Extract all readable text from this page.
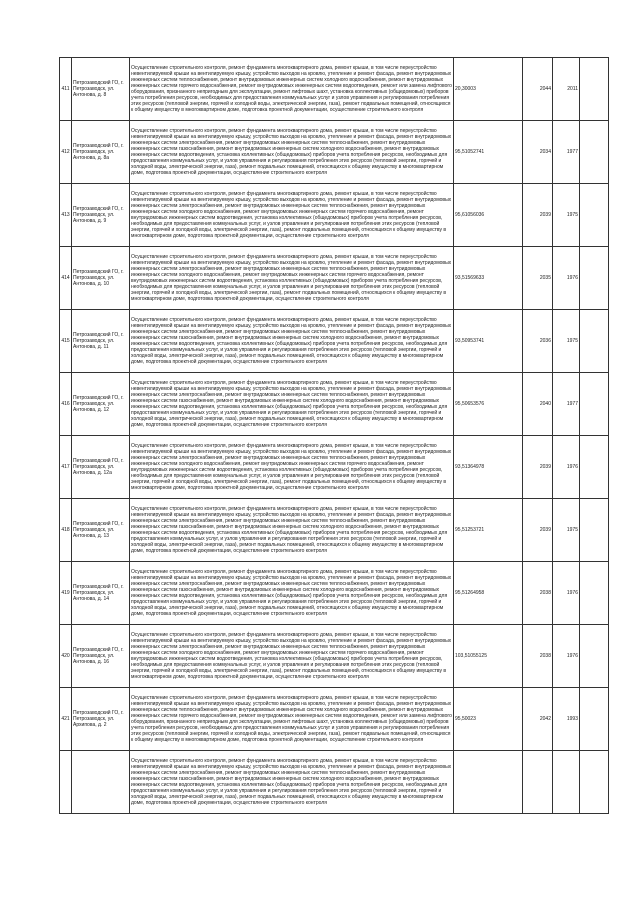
411	Петрозаводский ГО, г. Петрозаводск, ул. Антонова, д. 8	Осуществление строительного контроля, ремонт фундамента многоквартирного дома, ремонт крыши, в том числе переустройство невентилируемой крыши на вентилируемую крышу, устройство выходов на кровлю, утепление и ремонт фасада, ремонт внутридомовых инженерных систем теплоснабжения, ремонт внутридомовых инженерных систем холодного водоснабжения, ремонт внутридомовых инженерных систем горячего водоснабжения, ремонт внутридомовых инженерных систем водоотведения, ремонт или замена лифтового оборудования, признанного непригодным для эксплуатации, ремонт лифтовых шахт, установка коллективных (общедомовых) приборов учета потребления ресурсов, необходимых для предоставления коммунальных услуг и узлов управления и регулирования потребления этих ресурсов (тепловой энергии, горячей и холодной воды, электрической энергии, газа), ремонт подвальных помещений, относящихся к общему имуществу в многоквартирном доме, подготовка проектной документации, осуществление строительного контроля	20,30003	2044	2011	
412	Петрозаводский ГО, г. Петрозаводск, ул. Антонова, д. 8а	Осуществление строительного контроля, ремонт фундамента многоквартирного дома, ремонт крыши, в том числе переустройство невентилируемой крыши на вентилируемую крышу, устройство выходов на кровлю, утепление и ремонт фасада, ремонт внутридомовых инженерных систем электроснабжения, ремонт внутридомовых инженерных систем теплоснабжения, ремонт внутридомовых инженерных систем газоснабжения, ремонт внутридомовых инженерных систем холодного водоснабжения, ремонт внутридомовых инженерных систем водоотведения, установка коллективных (общедомовых) приборов учета потребления ресурсов, необходимых для предоставления коммунальных услуг, и узлов управления и регулирования потребления этих ресурсов (тепловой энергии, горячей и холодной воды, электрической энергии, газа), ремонт подвальных помещений, относящихся к общему имуществу в многоквартирном доме, подготовка проектной документации, осуществление строительного контроля	95,51052741	2034	1977	
413	Петрозаводский ГО, г. Петрозаводск, ул. Антонова, д. 9	Осуществление строительного контроля, ремонт фундамента многоквартирного дома, ремонт крыши, в том числе переустройство невентилируемой крыши на вентилируемую крышу, устройство выходов на кровлю, утепление и ремонт фасада, ремонт внутридомовых инженерных систем электроснабжения, ремонт внутридомовых инженерных систем теплоснабжения, ремонт внутридомовых инженерных систем холодного водоснабжения, ремонт внутридомовых инженерных систем горячего водоснабжения, ремонт внутридомовых инженерных систем водоотведения, установка коллективных (общедомовых) приборов учета потребления ресурсов, необходимых для предоставления коммунальных услуг, и узлов управления и регулирования потребления этих ресурсов (тепловой энергии, горячей и холодной воды, электрической энергии, газа), ремонт подвальных помещений, относящихся к общему имуществу в многоквартирном доме, подготовка проектной документации, осуществление строительного контроля	95,61056036	2039	1975	
414	Петрозаводский ГО, г. Петрозаводск, ул. Антонова, д. 10	Осуществление строительного контроля, ремонт фундамента многоквартирного дома, ремонт крыши, в том числе переустройство невентилируемой крыши на вентилируемую крышу, устройство выходов на кровлю, утепление и ремонт фасада, ремонт внутридомовых инженерных систем электроснабжения, ремонт внутридомовых инженерных систем теплоснабжения, ремонт внутридомовых инженерных систем холодного водоснабжения, ремонт внутридомовых инженерных систем горячего водоснабжения, ремонт внутридомовых инженерных систем водоотведения, установка коллективных (общедомовых) приборов учета потребления ресурсов, необходимых для предоставления коммунальных услуг, и узлов управления и регулирования потребления этих ресурсов (тепловой энергии, горячей и холодной воды, электрической энергии, газа), ремонт подвальных помещений, относящихся к общему имуществу в многоквартирном доме, подготовка проектной документации, осуществление строительного контроля	93,51569633	2035	1976	
415	Петрозаводский ГО, г. Петрозаводск, ул. Антонова, д. 11	Осуществление строительного контроля, ремонт фундамента многоквартирного дома, ремонт крыши, в том числе переустройство невентилируемой крыши на вентилируемую крышу, устройство выходов на кровлю, утепление и ремонт фасада, ремонт внутридомовых инженерных систем электроснабжения, ремонт внутридомовых инженерных систем теплоснабжения, ремонт внутридомовых инженерных систем газоснабжения, ремонт внутридомовых инженерных систем холодного водоснабжения, ремонт внутридомовых инженерных систем водоотведения, установка коллективных (общедомовых) приборов учета потребления ресурсов, необходимых для предоставления коммунальных услуг, и узлов управления и регулирования потребления этих ресурсов (тепловой энергии, горячей и холодной воды, электрической энергии, газа), ремонт подвальных помещений, относящихся к общему имуществу в многоквартирном доме, подготовка проектной документации, осуществление строительного контроля	93,50953741	2036	1975	
416	Петрозаводский ГО, г. Петрозаводск, ул. Антонова, д. 12	Осуществление строительного контроля, ремонт фундамента многоквартирного дома, ремонт крыши, в том числе переустройство невентилируемой крыши на вентилируемую крышу, устройство выходов на кровлю, утепление и ремонт фасада, ремонт внутридомовых инженерных систем электроснабжения, ремонт внутридомовых инженерных систем теплоснабжения, ремонт внутридомовых инженерных систем газоснабжения, ремонт внутридомовых инженерных систем холодного водоснабжения, ремонт внутридомовых инженерных систем водоотведения, установка коллективных (общедомовых) приборов учета потребления ресурсов, необходимых для предоставления коммунальных услуг, и узлов управления и регулирования потребления этих ресурсов (тепловой энергии, горячей и холодной воды, электрической энергии, газа), ремонт подвальных помещений, относящихся к общему имуществу в многоквартирном доме, подготовка проектной документации, осуществление строительного контроля	95,50653576	2040	1977	
417	Петрозаводский ГО, г. Петрозаводск, ул. Антонова, д. 12а	Осуществление строительного контроля, ремонт фундамента многоквартирного дома, ремонт крыши, в том числе переустройство невентилируемой крыши на вентилируемую крышу, устройство выходов на кровлю, утепление и ремонт фасада, ремонт внутридомовых инженерных систем электроснабжения, ремонт внутридомовых инженерных систем теплоснабжения, ремонт внутридомовых инженерных систем холодного водоснабжения, ремонт внутридомовых инженерных систем горячего водоснабжения, ремонт внутридомовых инженерных систем водоотведения, установка коллективных (общедомовых) приборов учета потребления ресурсов, необходимых для предоставления коммунальных услуг, и узлов управления и регулирования потребления этих ресурсов (тепловой энергии, горячей и холодной воды, электрической энергии, газа), ремонт подвальных помещений, относящихся к общему имуществу в многоквартирном доме, подготовка проектной документации, осуществление строительного контроля	93,51364978	2039	1976	
418	Петрозаводский ГО, г. Петрозаводск, ул. Антонова, д. 13	Осуществление строительного контроля, ремонт фундамента многоквартирного дома, ремонт крыши, в том числе переустройство невентилируемой крыши на вентилируемую крышу, устройство выходов на кровлю, утепление и ремонт фасада, ремонт внутридомовых инженерных систем электроснабжения, ремонт внутридомовых инженерных систем теплоснабжения, ремонт внутридомовых инженерных систем газоснабжения, ремонт внутридомовых инженерных систем холодного водоснабжения, ремонт внутридомовых инженерных систем водоотведения, установка коллективных (общедомовых) приборов учета потребления ресурсов, необходимых для предоставления коммунальных услуг, и узлов управления и регулирования потребления этих ресурсов (тепловой энергии, горячей и холодной воды, электрической энергии, газа), ремонт подвальных помещений, относящихся к общему имуществу в многоквартирном доме, подготовка проектной документации, осуществление строительного контроля	95,51253721	2039	1975	
419	Петрозаводский ГО, г. Петрозаводск, ул. Антонова, д. 14	Осуществление строительного контроля, ремонт фундамента многоквартирного дома, ремонт крыши, в том числе переустройство невентилируемой крыши на вентилируемую крышу, устройство выходов на кровлю, утепление и ремонт фасада, ремонт внутридомовых инженерных систем электроснабжения, ремонт внутридомовых инженерных систем теплоснабжения, ремонт внутридомовых инженерных систем газоснабжения, ремонт внутридомовых инженерных систем холодного водоснабжения, ремонт внутридомовых инженерных систем водоотведения, установка коллективных (общедомовых) приборов учета потребления ресурсов, необходимых для предоставления коммунальных услуг, и узлов управления и регулирования потребления этих ресурсов (тепловой энергии, горячей и холодной воды, электрической энергии, газа), ремонт подвальных помещений, относящихся к общему имуществу в многоквартирном доме, подготовка проектной документации, осуществление строительного контроля	95,51264958	2038	1976	
420	Петрозаводский ГО, г. Петрозаводск, ул. Антонова, д. 16	Осуществление строительного контроля, ремонт фундамента многоквартирного дома, ремонт крыши, в том числе переустройство невентилируемой крыши на вентилируемую крышу, устройство выходов на кровлю, утепление и ремонт фасада, ремонт внутридомовых инженерных систем электроснабжения, ремонт внутридомовых инженерных систем теплоснабжения, ремонт внутридомовых инженерных систем холодного водоснабжения, ремонт внутридомовых инженерных систем горячего водоснабжения, ремонт внутридомовых инженерных систем водоотведения, установка коллективных (общедомовых) приборов учета потребления ресурсов, необходимых для предоставления коммунальных услуг, и узлов управления и регулирования потребления этих ресурсов (тепловой энергии, горячей и холодной воды, электрической энергии, газа), ремонт подвальных помещений, относящихся к общему имуществу в многоквартирном доме, подготовка проектной документации, осуществление строительного контроля	103,51055125	2038	1976	
421	Петрозаводский ГО, г. Петрозаводск, ул. Архипова, д. 2	Осуществление строительного контроля, ремонт фундамента многоквартирного дома, ремонт крыши, в том числе переустройство невентилируемой крыши на вентилируемую крышу, устройство выходов на кровлю, утепление и ремонт фасада, ремонт внутридомовых инженерных систем теплоснабжения, ремонт внутридомовых инженерных систем холодного водоснабжения, ремонт внутридомовых инженерных систем горячего водоснабжения, ремонт внутридомовых инженерных систем водоотведения, ремонт или замена лифтового оборудования, признанного непригодным для эксплуатации, ремонт лифтовых шахт, установка коллективных (общедомовых) приборов учета потребления ресурсов, необходимых для предоставления коммунальных услуг и узлов управления и регулирования потребления этих ресурсов (тепловой энергии, горячей и холодной воды, электрической энергии, газа), ремонт подвальных помещений, относящихся к общему имуществу в многоквартирном доме, подготовка проектной документации, осуществление строительного контроля	95,50023	2042	1993	
		Осуществление строительного контроля, ремонт фундамента многоквартирного дома, ремонт крыши, в том числе переустройство невентилируемой крыши на вентилируемую крышу, устройство выходов на кровлю, утепление и ремонт фасада, ремонт внутридомовых инженерных систем электроснабжения, ремонт внутридомовых инженерных систем теплоснабжения, ремонт внутридомовых инженерных систем газоснабжения, ремонт внутридомовых инженерных систем холодного водоснабжения, ремонт внутридомовых инженерных систем водоотведения, установка коллективных (общедомовых) приборов учета потребления ресурсов, необходимых для предоставления коммунальных услуг, и узлов управления и регулирования потребления этих ресурсов (тепловой энергии, горячей и холодной воды, электрической энергии, газа), ремонт подвальных помещений, относящихся к общему имуществу в многоквартирном доме, подготовка проектной документации, осуществление строительного контроля				
